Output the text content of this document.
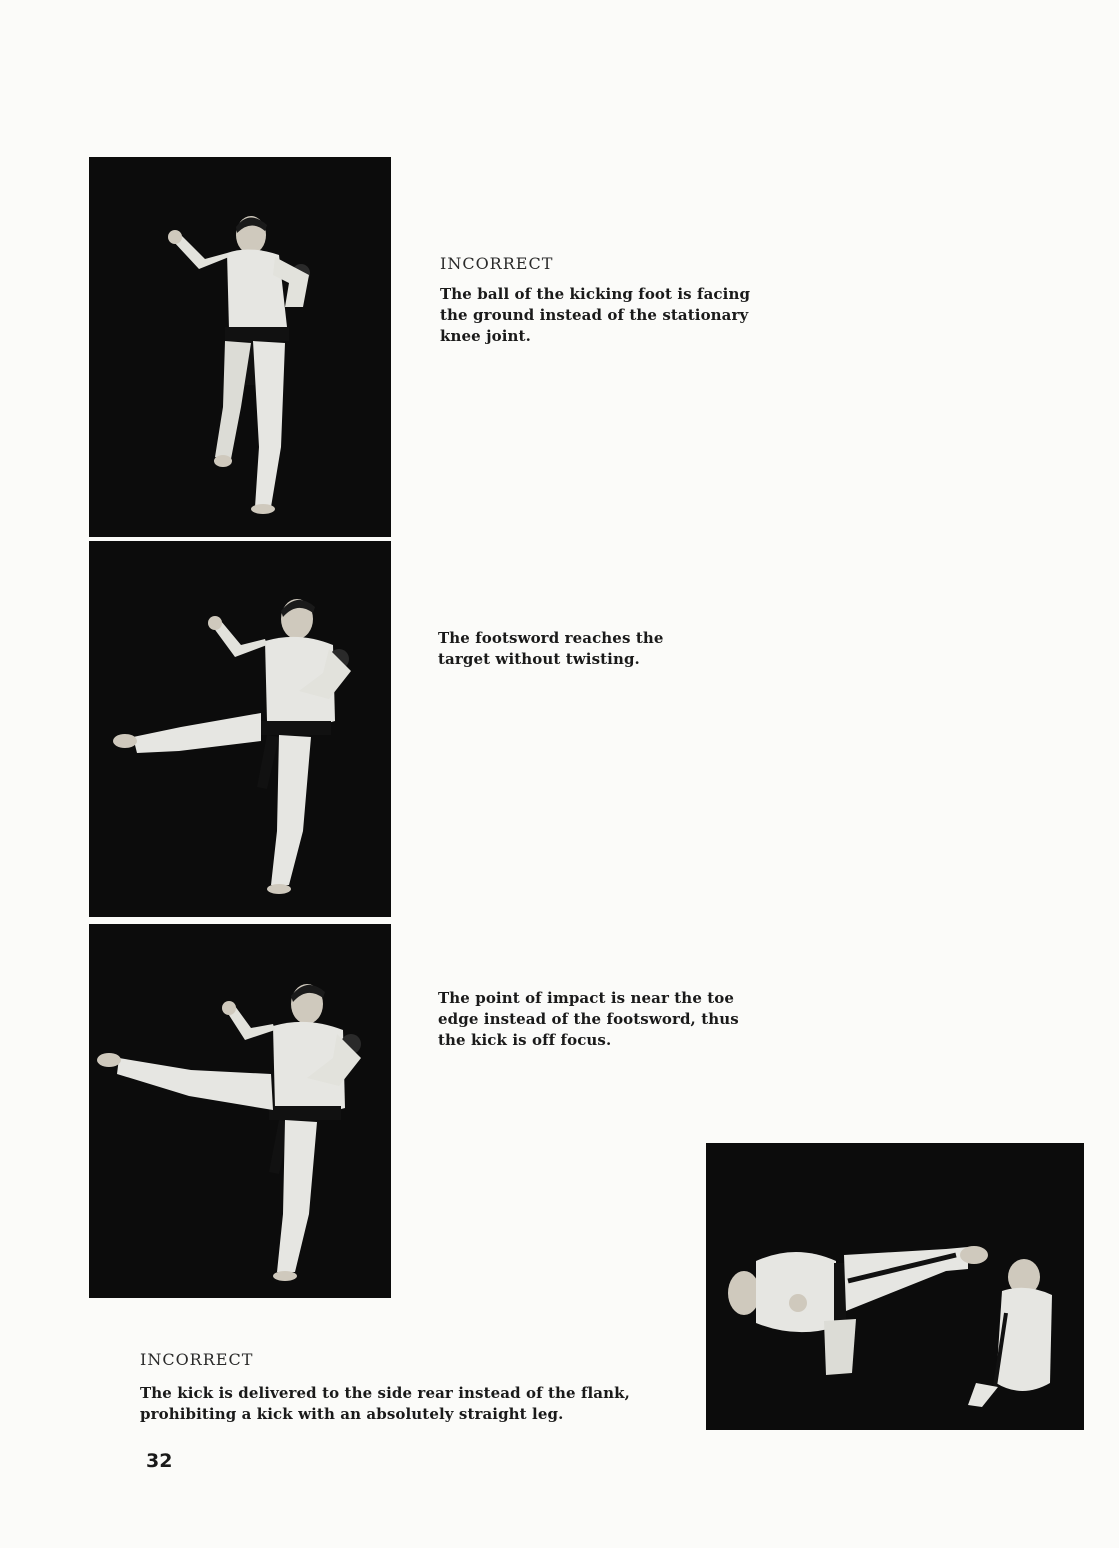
INCORRECT
The ball of the kicking foot is facing
the ground instead of the stationary
knee joint.
The footsword reaches the
target without twisting.
The point of impact is near the toe
edge instead of the footsword, thus
the kick is off focus.
INCORRECT
The kick is delivered to the side rear instead of the flank,
prohibiting a kick with an absolutely straight leg.
32
